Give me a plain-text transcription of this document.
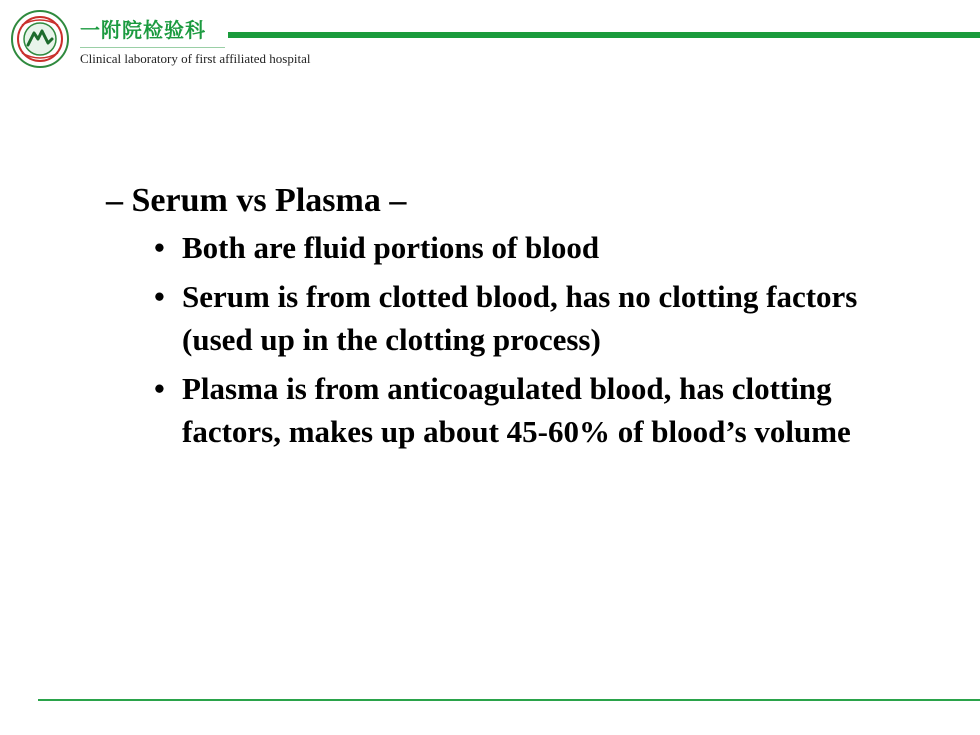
一附院检验科
Clinical laboratory of first affiliated hospital
– Serum vs Plasma –
• Both are fluid portions of blood
• Serum is from clotted blood, has no clotting factors (used up in the clotting process)
• Plasma is from anticoagulated blood, has clotting factors, makes up about 45-60% of blood’s volume
